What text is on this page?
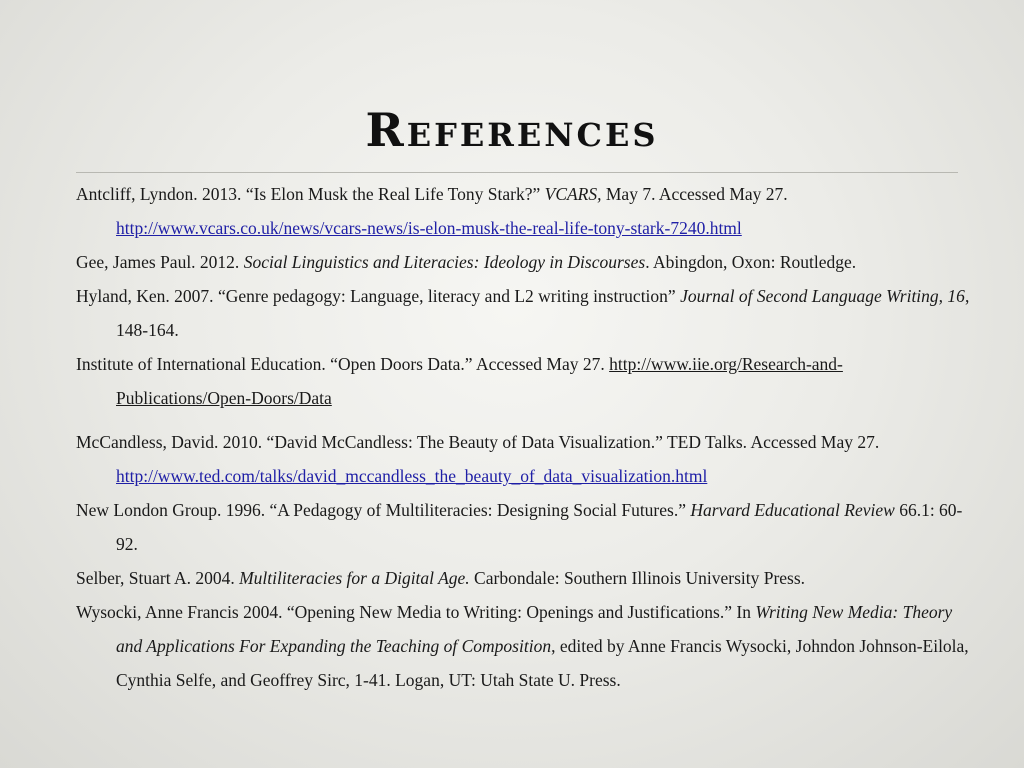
References
Antcliff, Lyndon. 2013. “Is Elon Musk the Real Life Tony Stark?” VCARS, May 7. Accessed May 27. http://www.vcars.co.uk/news/vcars-news/is-elon-musk-the-real-life-tony-stark-7240.html
Gee, James Paul. 2012. Social Linguistics and Literacies: Ideology in Discourses. Abingdon, Oxon: Routledge.
Hyland, Ken. 2007. “Genre pedagogy: Language, literacy and L2 writing instruction” Journal of Second Language Writing, 16, 148-164.
Institute of International Education. “Open Doors Data.” Accessed May 27. http://www.iie.org/Research-and-Publications/Open-Doors/Data
McCandless, David. 2010. “David McCandless: The Beauty of Data Visualization.” TED Talks. Accessed May 27. http://www.ted.com/talks/david_mccandless_the_beauty_of_data_visualization.html
New London Group. 1996. “A Pedagogy of Multiliteracies: Designing Social Futures.” Harvard Educational Review 66.1: 60-92.
Selber, Stuart A. 2004. Multiliteracies for a Digital Age. Carbondale: Southern Illinois University Press.
Wysocki, Anne Francis 2004. “Opening New Media to Writing: Openings and Justifications.” In Writing New Media: Theory and Applications For Expanding the Teaching of Composition, edited by Anne Francis Wysocki, Johndon Johnson-Eilola, Cynthia Selfe, and Geoffrey Sirc, 1-41. Logan, UT: Utah State U. Press.
